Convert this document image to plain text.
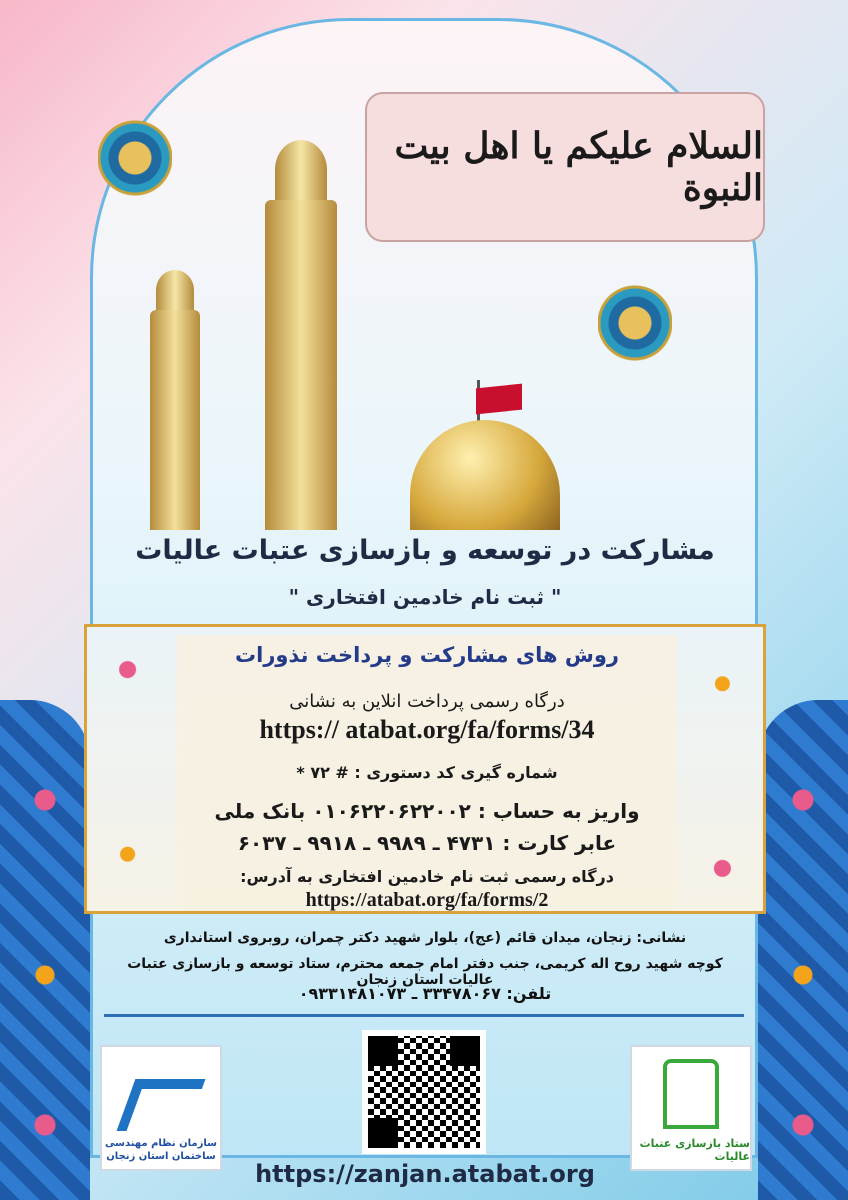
السلام علیکم یا اهل بیت النبوة
مشارکت در توسعه و بازسازی عتبات عالیات
" ثبت نام خادمین افتخاری "
روش های مشارکت و پرداخت نذورات
درگاه رسمی پرداخت انلاین به نشانی
https:// atabat.org/fa/forms/34
شماره گیری کد دستوری : # ۷۲ *
واریز به حساب : ۰۱۰۶۲۲۰۶۲۲۰۰۲ بانک ملی
عابر کارت : ۴۷۳۱ ـ ۹۹۸۹ ـ ۹۹۱۸ ـ ۶۰۳۷
درگاه رسمی ثبت نام خادمین افتخاری به آدرس:
https://atabat.org/fa/forms/2
نشانی: زنجان، میدان قائم (عج)، بلوار شهید دکتر چمران، روبروی استانداری
کوچه شهید روح اله کریمی، جنب دفتر امام جمعه محترم، ستاد توسعه و بازسازی عتبات عالیات استان زنجان
تلفن: ۳۳۴۷۸۰۶۷ ـ ۰۹۳۳۱۴۸۱۰۷۳
سازمان نظام مهندسی ساختمان استان زنجان
ستاد بازسازی عتبات عالیات
https://zanjan.atabat.org
